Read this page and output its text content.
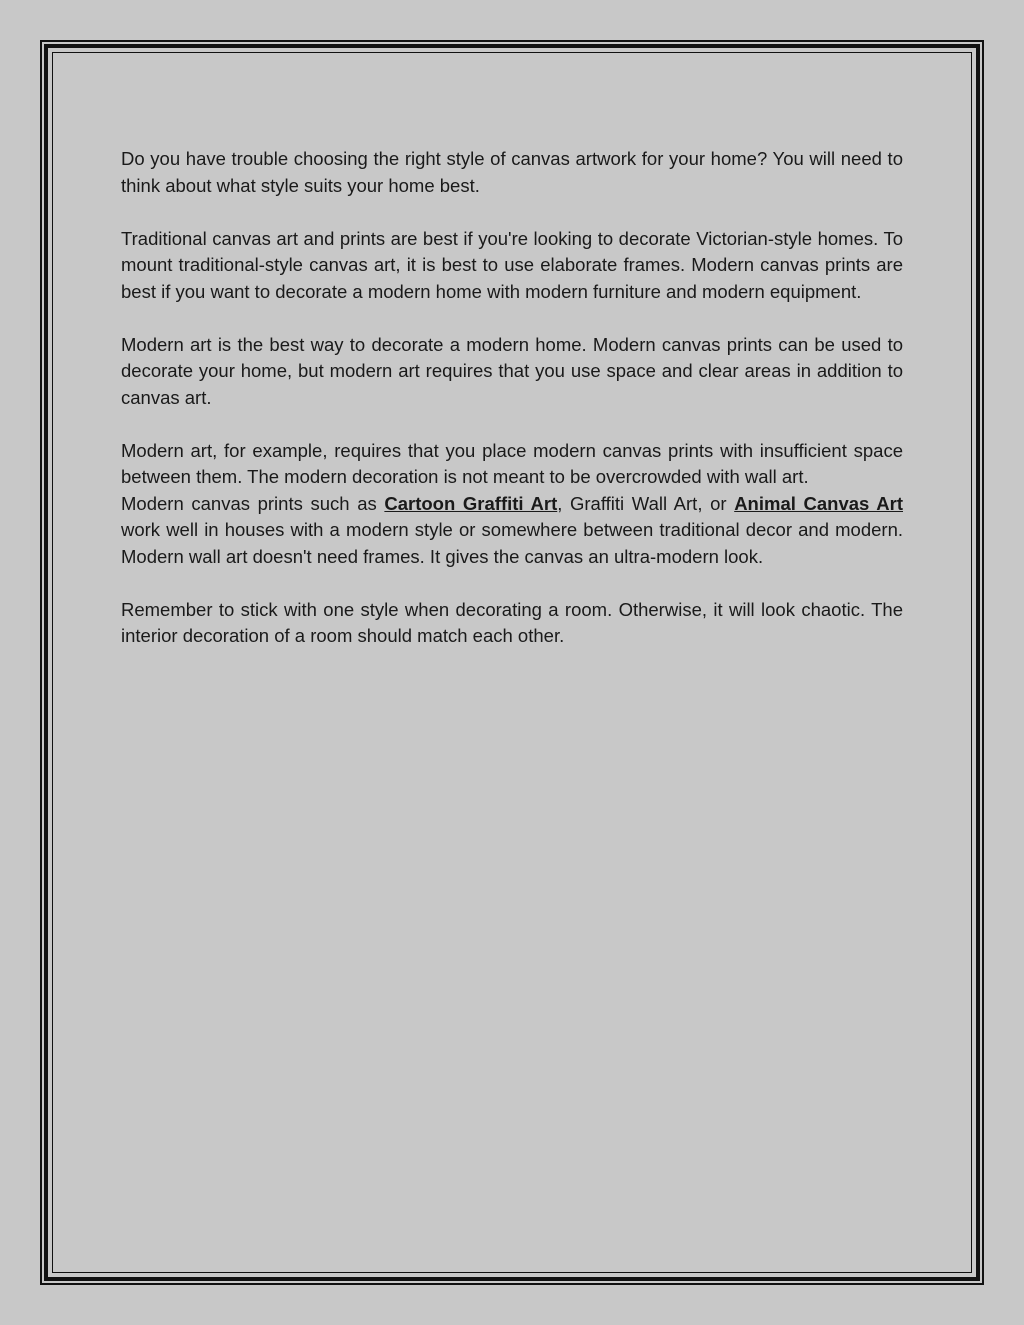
Do you have trouble choosing the right style of canvas artwork for your home? You will need to think about what style suits your home best.

Traditional canvas art and prints are best if you're looking to decorate Victorian-style homes. To mount traditional-style canvas art, it is best to use elaborate frames. Modern canvas prints are best if you want to decorate a modern home with modern furniture and modern equipment.

Modern art is the best way to decorate a modern home. Modern canvas prints can be used to decorate your home, but modern art requires that you use space and clear areas in addition to canvas art.

Modern art, for example, requires that you place modern canvas prints with insufficient space between them. The modern decoration is not meant to be overcrowded with wall art.

Modern canvas prints such as Cartoon Graffiti Art, Graffiti Wall Art, or Animal Canvas Art work well in houses with a modern style or somewhere between traditional decor and modern. Modern wall art doesn't need frames. It gives the canvas an ultra-modern look.

Remember to stick with one style when decorating a room. Otherwise, it will look chaotic. The interior decoration of a room should match each other.
